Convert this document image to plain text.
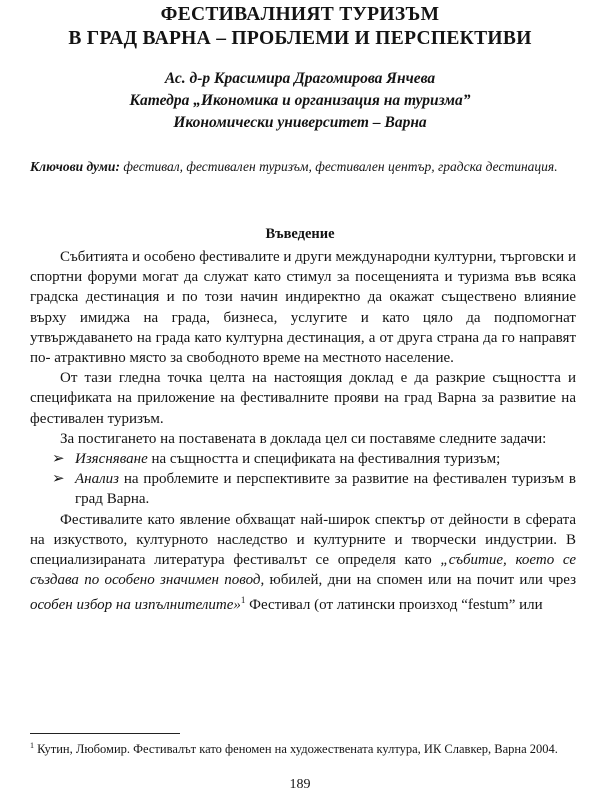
ФЕСТИВАЛНИЯТ ТУРИЗЪМ
В ГРАД ВАРНА – ПРОБЛЕМИ И ПЕРСПЕКТИВИ
Ас. д-р Красимира Драгомирова Янчева
Катедра „Икономика и организация на туризма”
Икономически университет – Варна
Ключови думи: фестивал, фестивален туризъм, фестивален център, градска дестинация.
Въведение

Събитията и особено фестивалите и други международни културни, търговски и спортни форуми могат да служат като стимул за посещенията и туризма във всяка градска дестинация и по този начин индиректно да окажат съществено влияние върху имиджа на града, бизнеса, услугите и като цяло да подпомогнат утвърждаването на града като културна дестинация, а от друга страна да го направят по- атрактивно място за свободното време на местното население.

От тази гледна точка целта на настоящия доклад е да разкрие същността и спецификата на приложение на фестивалните прояви на град Варна за развитие на фестивален туризъм.

За постигането на поставената в доклада цел си поставяме следните задачи:

➢ Изясняване на същността и спецификата на фестивалния туризъм;

➢ Анализ на проблемите и перспективите за развитие на фестивален туризъм в град Варна.

Фестивалите като явление обхващат най-широк спектър от дейности в сферата на изкуството, културното наследство и културните и творчески индустрии. В специализираната литература фестивалът се определя като „събитие, което се създава по особено значимен повод, юбилей, дни на спомен или на почит или чрез особен избор на изпълнителите»$^1$ Фестивал (от латински произход “festum” или

$^1$ Кутин, Любомир. Фестивалът като феномен на художествената култура, ИК Славкер, Варна 2004.
189
